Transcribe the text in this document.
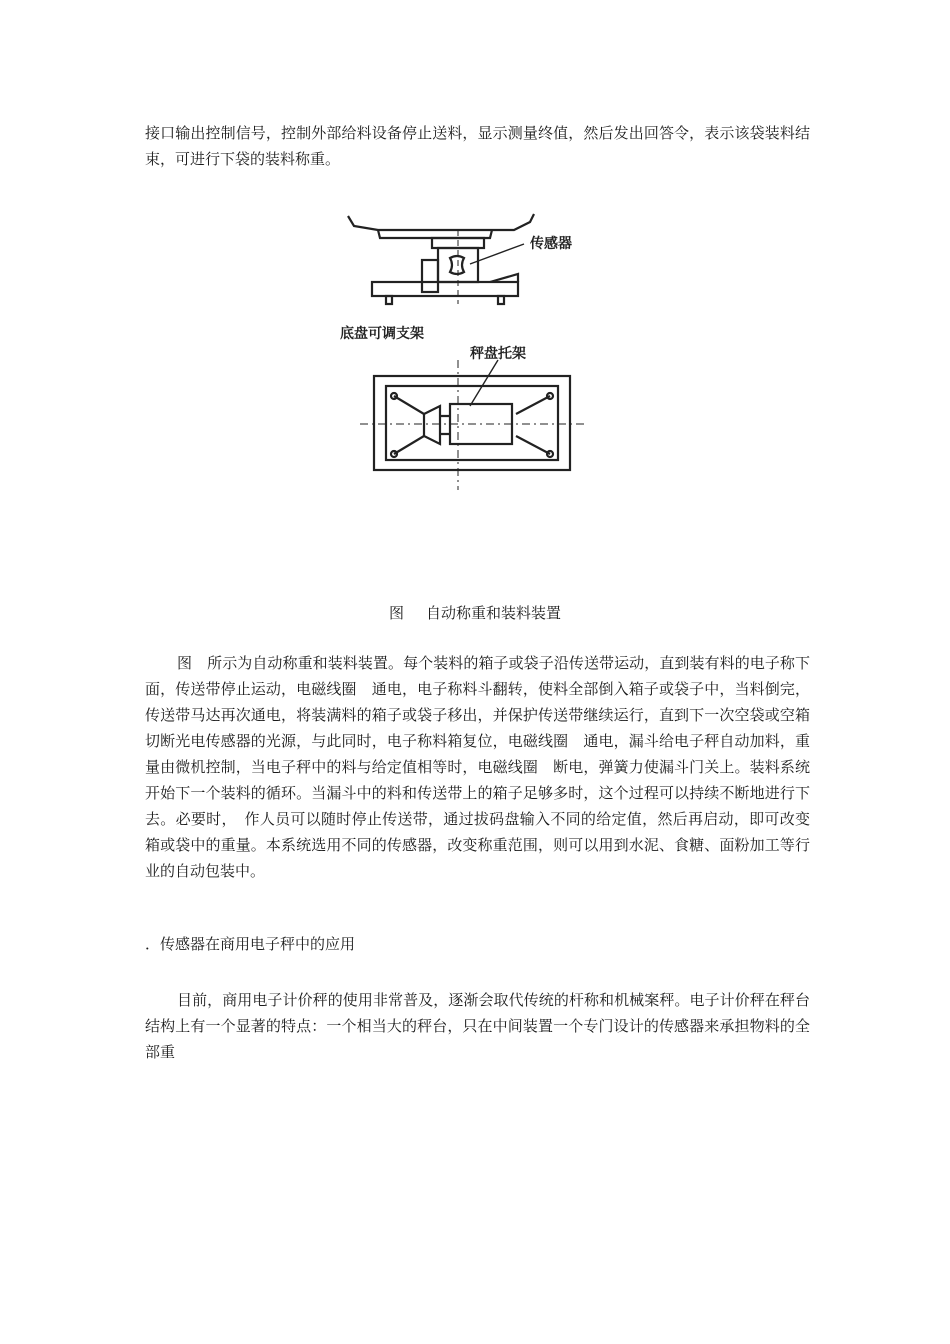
接口输出控制信号，控制外部给料设备停止送料，显示测量终值，然后发出回答令，表示该袋装料结束，可进行下袋的装料称重。

传感器
底盘可调支架
秤盘托架

图 自动称重和装料装置

图　所示为自动称重和装料装置。每个装料的箱子或袋子沿传送带运动，直到装有料的电子称下面，传送带停止运动，电磁线圈　通电，电子称料斗翻转，使料全部倒入箱子或袋子中，当料倒完，传送带马达再次通电，将装满料的箱子或袋子移出，并保护传送带继续运行，直到下一次空袋或空箱切断光电传感器的光源，与此同时，电子称料箱复位，电磁线圈　通电，漏斗给电子秤自动加料，重量由微机控制，当电子秤中的料与给定值相等时，电磁线圈　断电，弹簧力使漏斗门关上。装料系统开始下一个装料的循环。当漏斗中的料和传送带上的箱子足够多时，这个过程可以持续不断地进行下去。必要时，　作人员可以随时停止传送带，通过拔码盘输入不同的给定值，然后再启动，即可改变箱或袋中的重量。本系统选用不同的传感器，改变称重范围，则可以用到水泥、食糖、面粉加工等行业的自动包装中。

．传感器在商用电子秤中的应用

目前，商用电子计价秤的使用非常普及，逐渐会取代传统的杆称和机械案秤。电子计价秤在秤台结构上有一个显著的特点：一个相当大的秤台，只在中间装置一个专门设计的传感器来承担物料的全部重
